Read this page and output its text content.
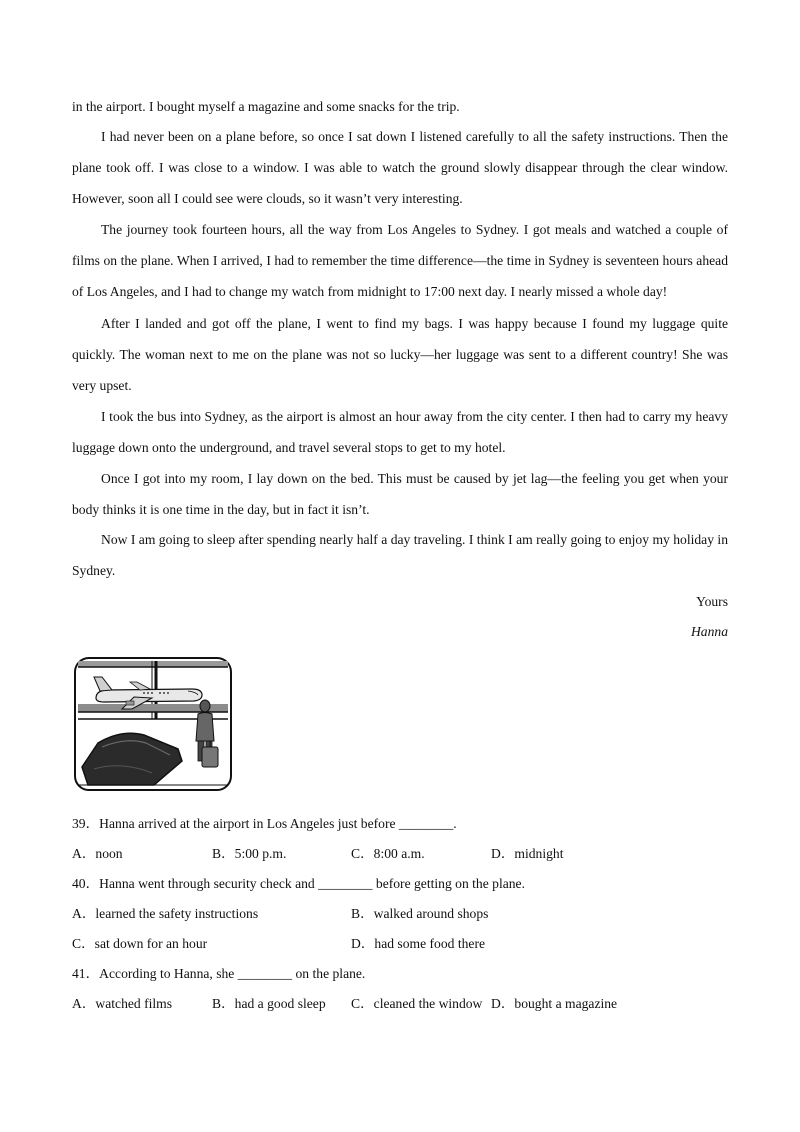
in the airport. I bought myself a magazine and some snacks for the trip.

I had never been on a plane before, so once I sat down I listened carefully to all the safety instructions. Then the plane took off. I was close to a window. I was able to watch the ground slowly disappear through the clear window. However, soon all I could see were clouds, so it wasn’t very interesting.

The journey took fourteen hours, all the way from Los Angeles to Sydney. I got meals and watched a couple of films on the plane. When I arrived, I had to remember the time difference—the time in Sydney is seventeen hours ahead of Los Angeles, and I had to change my watch from midnight to 17:00 next day. I nearly missed a whole day!

After I landed and got off the plane, I went to find my bags. I was happy because I found my luggage quite quickly. The woman next to me on the plane was not so lucky—her luggage was sent to a different country! She was very upset.

I took the bus into Sydney, as the airport is almost an hour away from the city center. I then had to carry my heavy luggage down onto the underground, and travel several stops to get to my hotel.

Once I got into my room, I lay down on the bed. This must be caused by jet lag—the feeling you get when your body thinks it is one time in the day, but in fact it isn’t.

Now I am going to sleep after spending nearly half a day traveling. I think I am really going to enjoy my holiday in Sydney.

Yours

Hanna

39．Hanna arrived at the airport in Los Angeles just before ________.

A．noon	B．5:00 p.m.	C．8:00 a.m.	D．midnight

40．Hanna went through security check and ________ before getting on the plane.

A．learned the safety instructions	B．walked around shops

C．sat down for an hour	D．had some food there

41．According to Hanna, she ________ on the plane.

A．watched films	B．had a good sleep C．cleaned the window D．bought a magazine
